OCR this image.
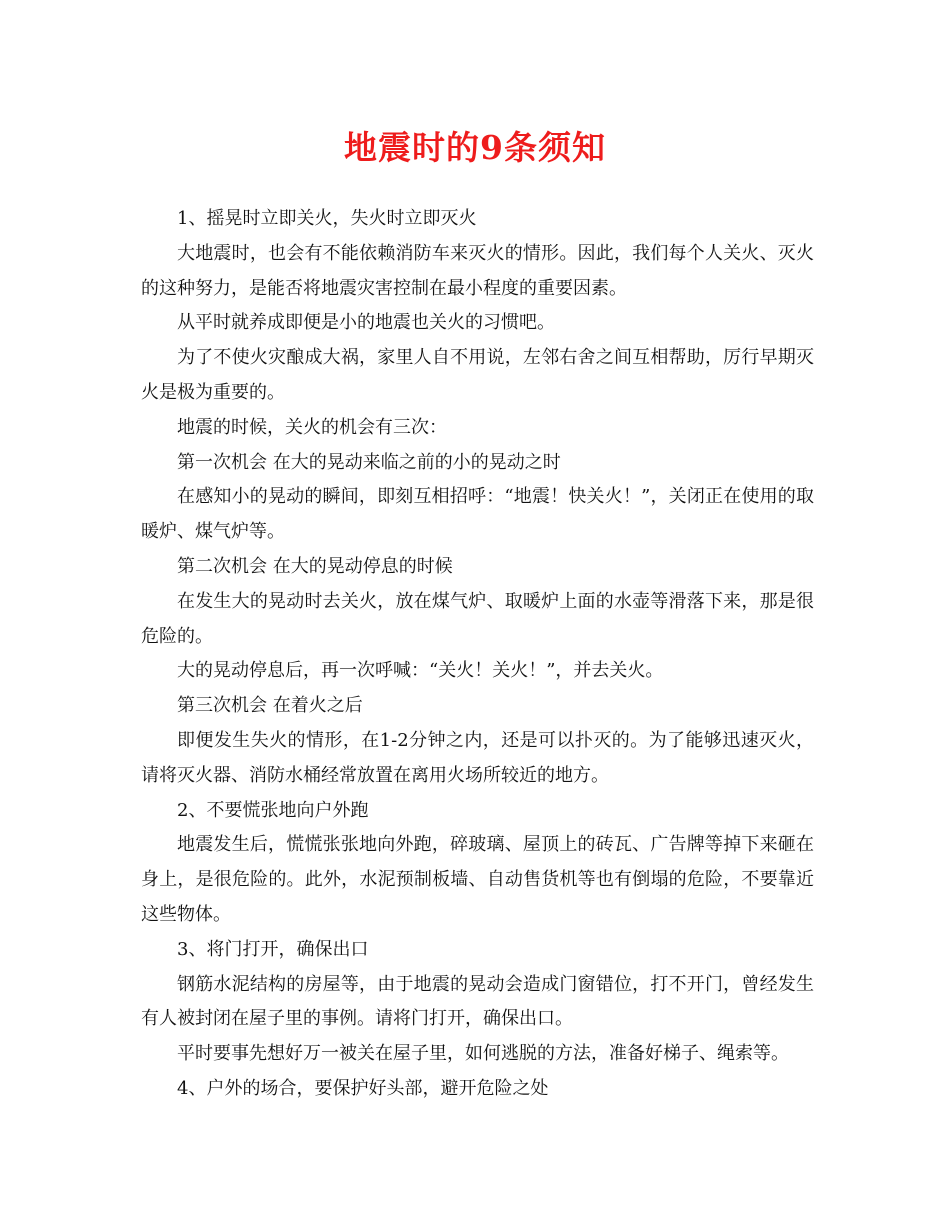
地震时的9条须知

1、摇晃时立即关火，失火时立即灭火

大地震时，也会有不能依赖消防车来灭火的情形。因此，我们每个人关火、灭火的这种努力，是能否将地震灾害控制在最小程度的重要因素。

从平时就养成即便是小的地震也关火的习惯吧。

为了不使火灾酿成大祸，家里人自不用说，左邻右舍之间互相帮助，厉行早期灭火是极为重要的。

地震的时候，关火的机会有三次：

第一次机会 在大的晃动来临之前的小的晃动之时

在感知小的晃动的瞬间，即刻互相招呼：“地震！快关火！”，关闭正在使用的取暖炉、煤气炉等。

第二次机会 在大的晃动停息的时候

在发生大的晃动时去关火，放在煤气炉、取暖炉上面的水壶等滑落下来，那是很危险的。

大的晃动停息后，再一次呼喊：“关火！关火！”，并去关火。

第三次机会 在着火之后

即便发生失火的情形，在1-2分钟之内，还是可以扑灭的。为了能够迅速灭火，请将灭火器、消防水桶经常放置在离用火场所较近的地方。

2、不要慌张地向户外跑

地震发生后，慌慌张张地向外跑，碎玻璃、屋顶上的砖瓦、广告牌等掉下来砸在身上，是很危险的。此外，水泥预制板墙、自动售货机等也有倒塌的危险，不要靠近这些物体。

3、将门打开，确保出口

钢筋水泥结构的房屋等，由于地震的晃动会造成门窗错位，打不开门，曾经发生有人被封闭在屋子里的事例。请将门打开，确保出口。

平时要事先想好万一被关在屋子里，如何逃脱的方法，准备好梯子、绳索等。

4、户外的场合，要保护好头部，避开危险之处
